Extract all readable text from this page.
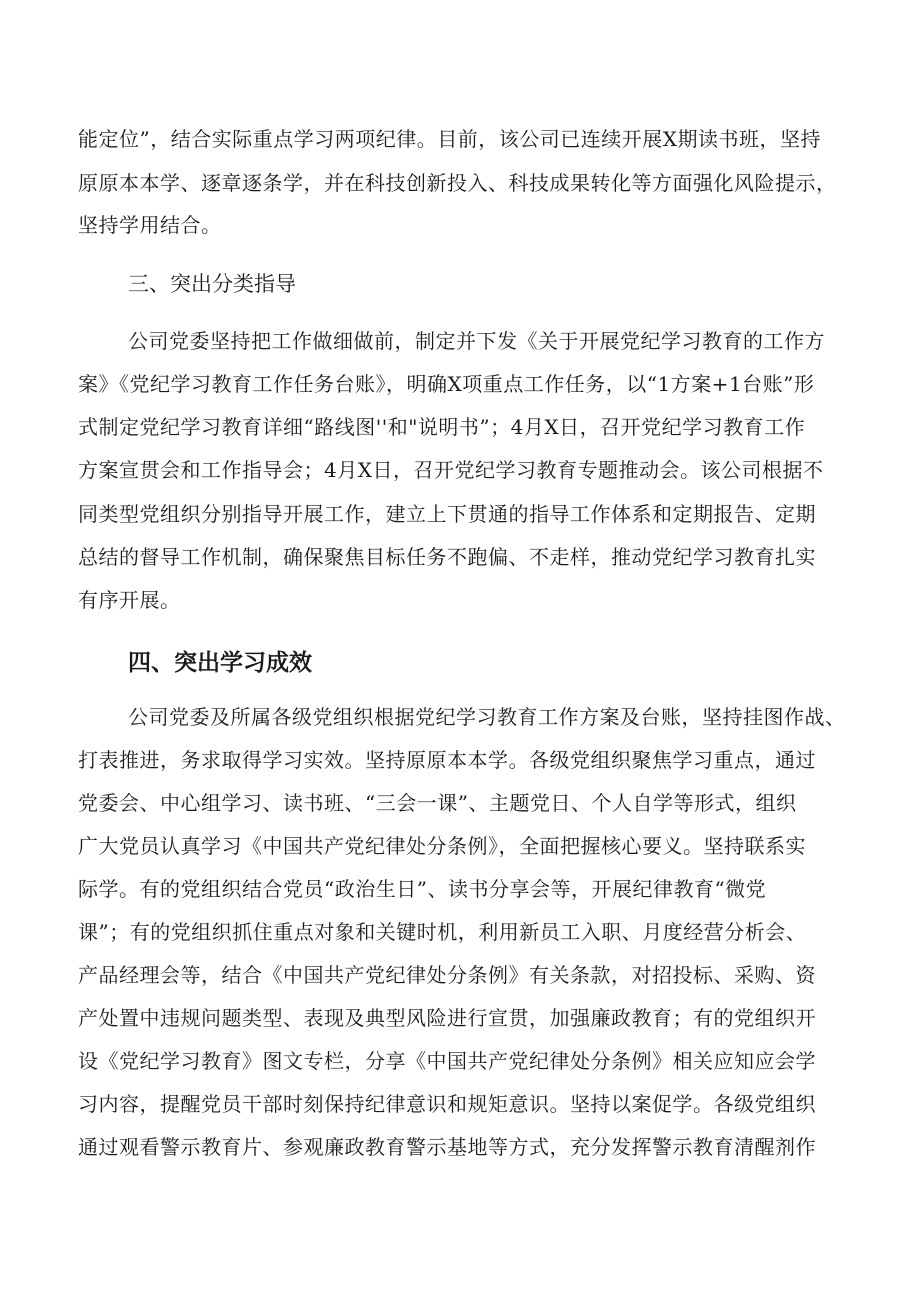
能定位”，结合实际重点学习两项纪律。目前，该公司已连续开展X期读书班，坚持
原原本本学、逐章逐条学，并在科技创新投入、科技成果转化等方面强化风险提示，
坚持学用结合。
三、突出分类指导
公司党委坚持把工作做细做前，制定并下发《关于开展党纪学习教育的工作方
案》《党纪学习教育工作任务台账》，明确X项重点工作任务，以“1方案+1台账”形
式制定党纪学习教育详细“路线图''和"说明书”；4月X日，召开党纪学习教育工作
方案宣贯会和工作指导会；4月X日，召开党纪学习教育专题推动会。该公司根据不
同类型党组织分别指导开展工作，建立上下贯通的指导工作体系和定期报告、定期
总结的督导工作机制，确保聚焦目标任务不跑偏、不走样，推动党纪学习教育扎实
有序开展。
四、突出学习成效
公司党委及所属各级党组织根据党纪学习教育工作方案及台账，坚持挂图作战、
打表推进，务求取得学习实效。坚持原原本本学。各级党组织聚焦学习重点，通过
党委会、中心组学习、读书班、“三会一课”、主题党日、个人自学等形式，组织
广大党员认真学习《中国共产党纪律处分条例》，全面把握核心要义。坚持联系实
际学。有的党组织结合党员“政治生日”、读书分享会等，开展纪律教育“微党
课”；有的党组织抓住重点对象和关键时机，利用新员工入职、月度经营分析会、
产品经理会等，结合《中国共产党纪律处分条例》有关条款，对招投标、采购、资
产处置中违规问题类型、表现及典型风险进行宣贯，加强廉政教育；有的党组织开
设《党纪学习教育》图文专栏，分享《中国共产党纪律处分条例》相关应知应会学
习内容，提醒党员干部时刻保持纪律意识和规矩意识。坚持以案促学。各级党组织
通过观看警示教育片、参观廉政教育警示基地等方式，充分发挥警示教育清醒剂作
